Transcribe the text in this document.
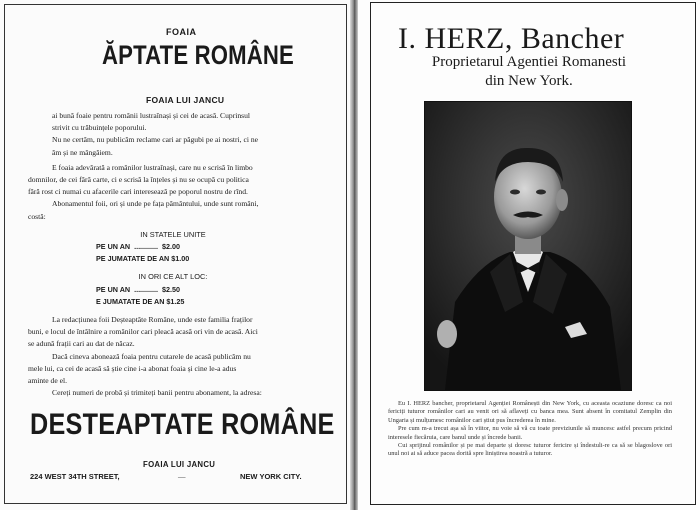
FOAIA
ĂPTATE ROMÂNE
FOAIA LUI JANCU

ai bună foaie pentru românii lustraînași și cei de acasă. Cuprinsul

strivit cu trăbuințele poporului.

Nu ne certăm, nu publicăm reclame cari ar păgubi pe ai nostri, ci ne

ăm și ne mângăiem.

E foaia adevărată a românilor lustraînași, care nu e scrisă în limbo

domnilor, de cei fără carte, ci e scrisă la înțeles și nu se ocupă cu politica

fără rost ci numai cu afacerile cari interesează pe poporul nostru de rînd.

Abonamentul foii, ori și unde pe fața pământului, unde sunt români,

costă:

IN STATELE UNITE

PE UN AN  ............  $2.00

PE JUMATATE DE AN $1.00

IN ORI CE ALT LOC:

PE UN AN  ............  $2.50

E JUMATATE DE AN $1.25

La redacțiunea foii Deșteaptăte Române, unde este familia fraților

buni, e locul de întâlnire a românilor cari pleacă acasă ori vin de acasă. Aici

se adună frații cari au dat de năcaz.

Dacă cineva abonează foaia pentru cutarele de acasă publicăm nu

mele lui, ca cei de acasă să știe cine i-a abonat foaia și cine le-a adus

aminte de el.

Cereți numeri de probă și trimiteți banii pentru abonament, la adresa:

DESTEAPTATE ROMÂNE
FOAIA LUI JANCU
224 WEST 34TH STREET,	—	NEW YORK CITY.
I. HERZ, Bancher
Proprietarul Agentiei Romanesti
din New York.

Eu I. HERZ bancher, proprietarul Agenției Românești din New York, cu aceasta ocaziune doresc ca noi fericiți tuturor românilor cari au venit ori să aflaveți cu banca mea. Sunt absent în comitatul Zemplin din Ungaria și mulțumesc românilor cari știut pus încrederea în mine.

Pre cum m-a trecut așa să în viitor, nu voie să vă cu toate previziunile să muncesc astfel precum pricind interesele fiecăruia, care banul unde și încrede banii.

Cui sprijinul românilor și pe mai departe și doresc tuturor fericire și îndestuli-re ca să se blagoslove ori unul noi ai să aduce pacea dorită spre liniștirea noastră a tuturor.
